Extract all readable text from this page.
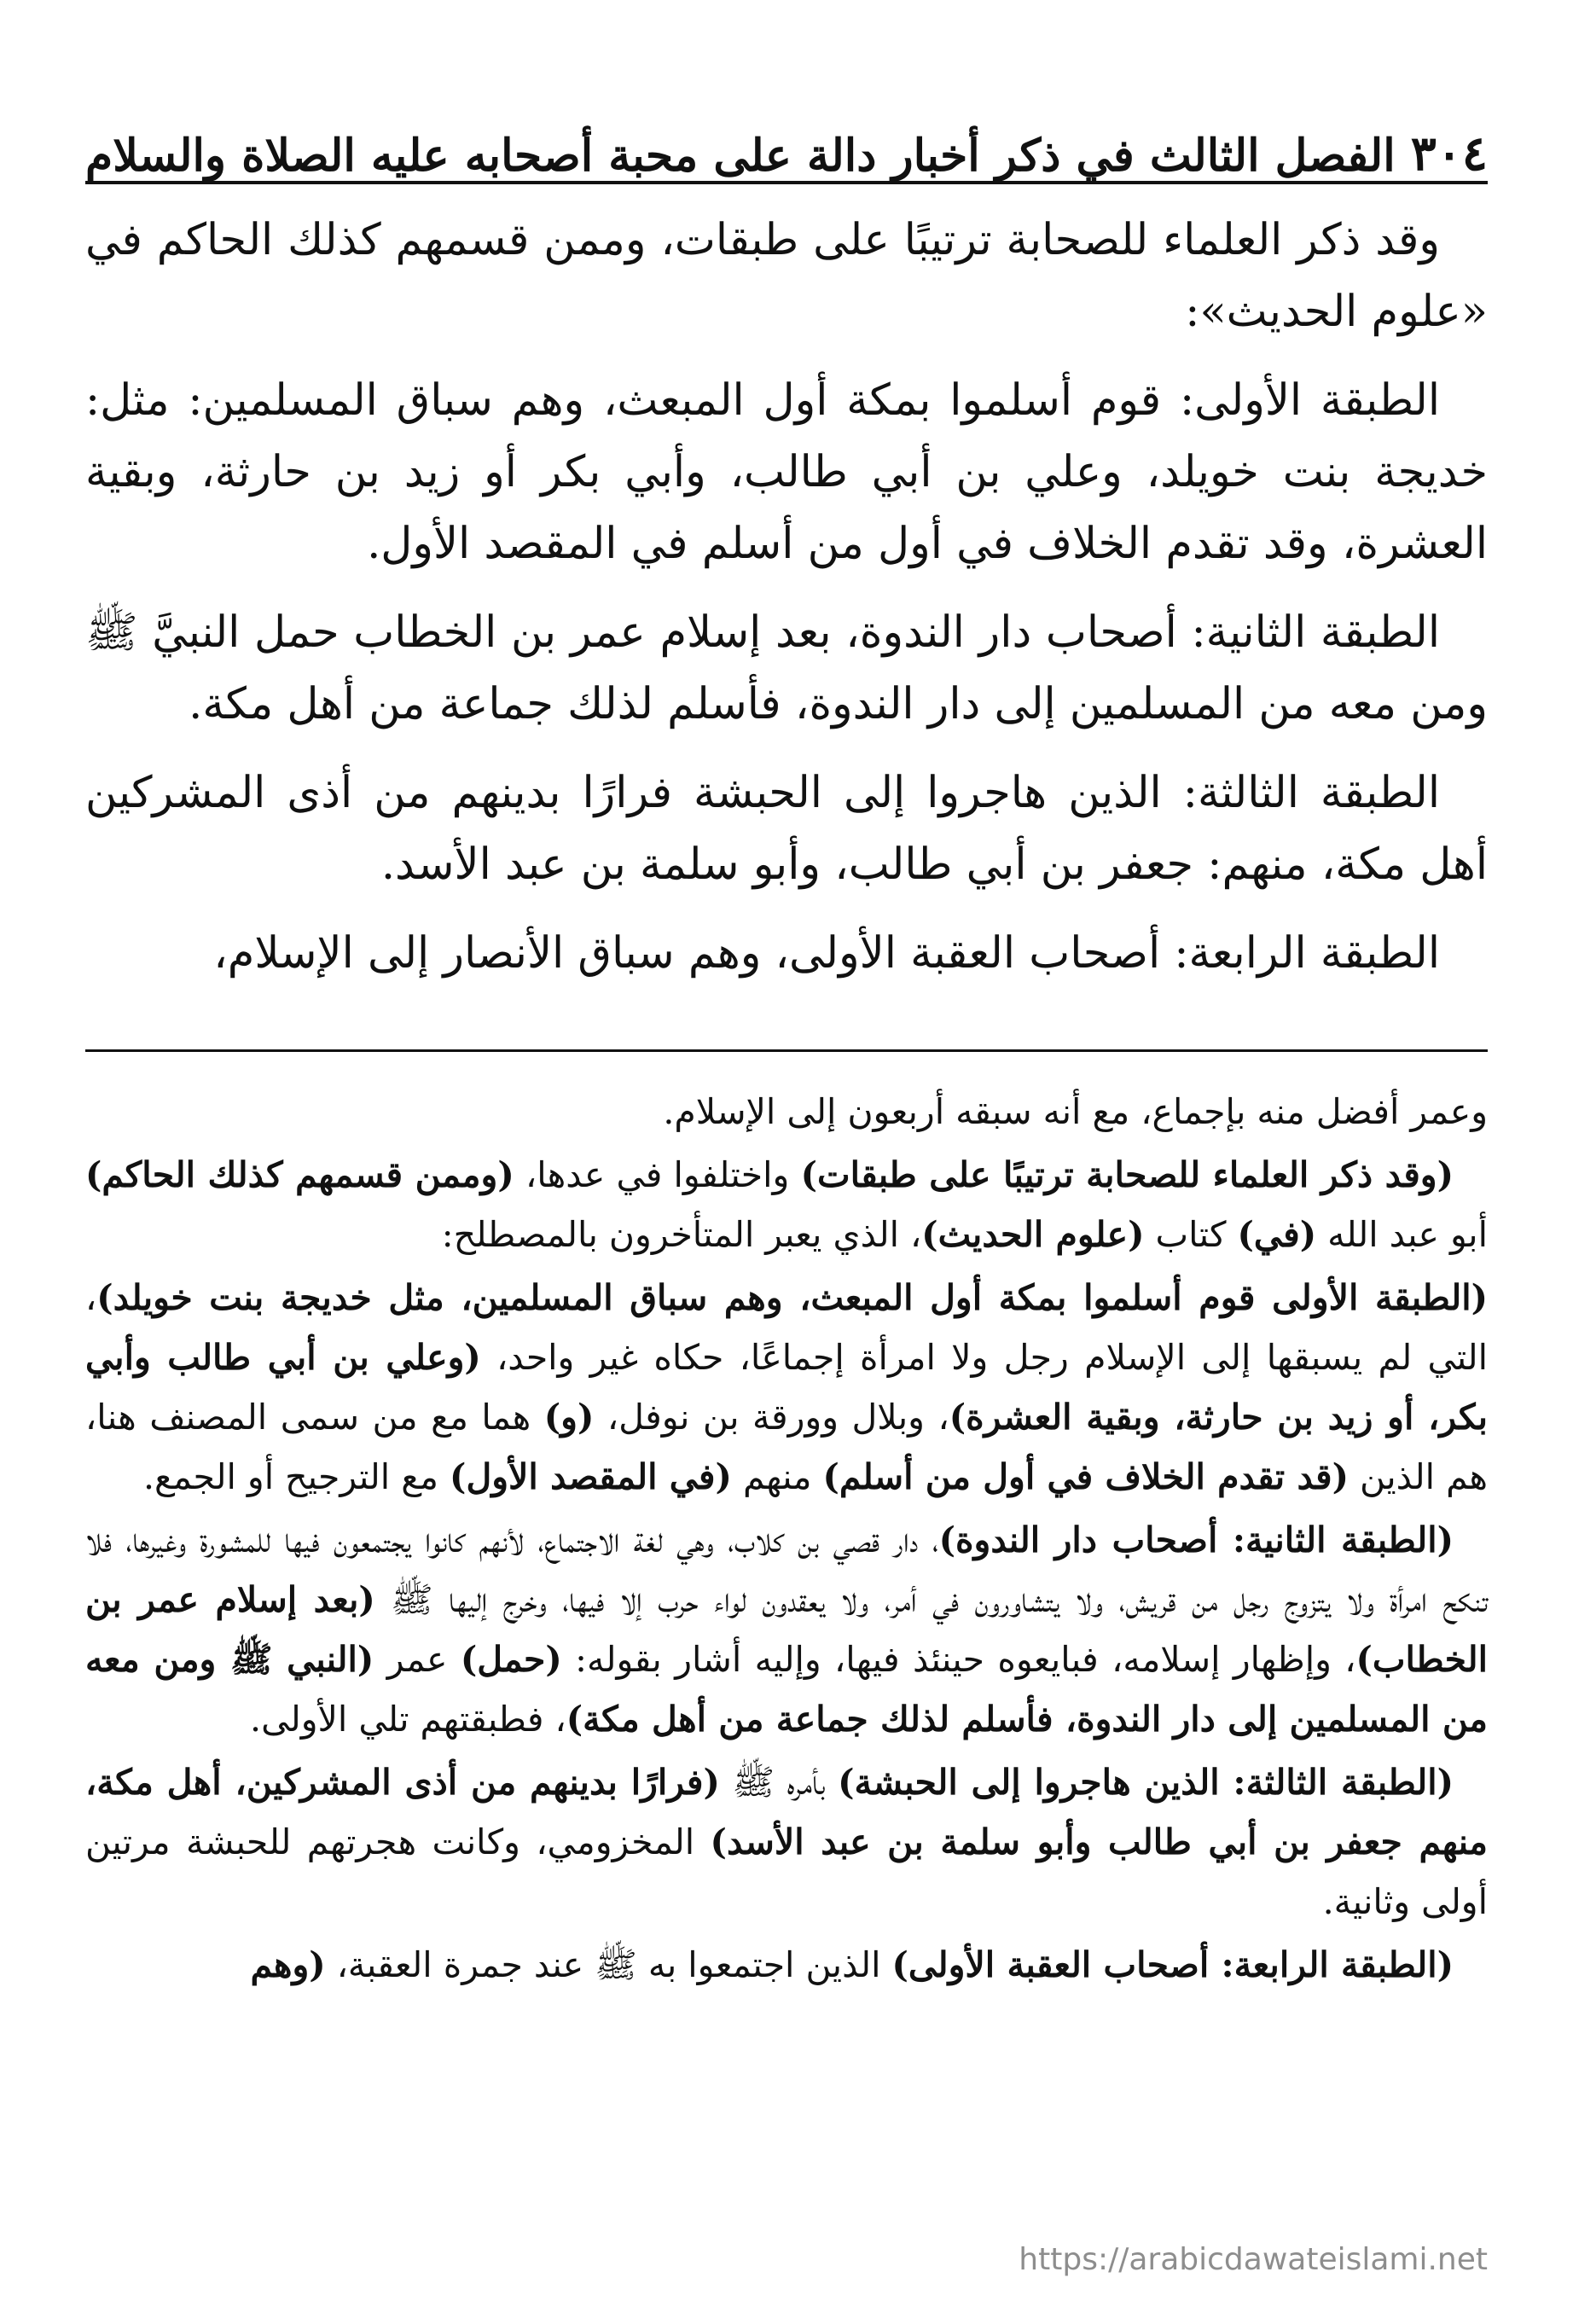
٣٠٤
الفصل الثالث في ذكر أخبار دالة على محبة أصحابه عليه الصلاة والسلام

وقد ذكر العلماء للصحابة ترتيبًا على طبقات، وممن قسمهم كذلك الحاكم في «علوم الحديث»:

الطبقة الأولى: قوم أسلموا بمكة أول المبعث، وهم سباق المسلمين: مثل: خديجة بنت خويلد، وعلي بن أبي طالب، وأبي بكر أو زيد بن حارثة، وبقية العشرة، وقد تقدم الخلاف في أول من أسلم في المقصد الأول.

الطبقة الثانية: أصحاب دار الندوة، بعد إسلام عمر بن الخطاب حمل النبيَّ ﷺ ومن معه من المسلمين إلى دار الندوة، فأسلم لذلك جماعة من أهل مكة.

الطبقة الثالثة: الذين هاجروا إلى الحبشة فرارًا بدينهم من أذى المشركين أهل مكة، منهم: جعفر بن أبي طالب، وأبو سلمة بن عبد الأسد.

الطبقة الرابعة: أصحاب العقبة الأولى، وهم سباق الأنصار إلى الإسلام،

وعمر أفضل منه بإجماع، مع أنه سبقه أربعون إلى الإسلام.

(وقد ذكر العلماء للصحابة ترتيبًا على طبقات) واختلفوا في عدها، (وممن قسمهم كذلك الحاكم) أبو عبد الله (في) كتاب (علوم الحديث)، الذي يعبر المتأخرون بالمصطلح:

(الطبقة الأولى قوم أسلموا بمكة أول المبعث، وهم سباق المسلمين، مثل خديجة بنت خويلد)، التي لم يسبقها إلى الإسلام رجل ولا امرأة إجماعًا، حكاه غير واحد، (وعلي بن أبي طالب وأبي بكر، أو زيد بن حارثة، وبقية العشرة)، وبلال وورقة بن نوفل، (و) هما مع من سمى المصنف هنا، هم الذين (قد تقدم الخلاف في أول من أسلم) منهم (في المقصد الأول) مع الترجيح أو الجمع.

(الطبقة الثانية: أصحاب دار الندوة)، دار قصي بن كلاب، وهي لغة الاجتماع، لأنهم كانوا يجتمعون فيها للمشورة وغيرها، فلا تنكح امرأة ولا يتزوج رجل من قريش، ولا يتشاورون في أمر، ولا يعقدون لواء حرب إلا فيها، وخرج إليها ﷺ (بعد إسلام عمر بن الخطاب)، وإظهار إسلامه، فبايعوه حينئذ فيها، وإليه أشار بقوله: (حمل) عمر (النبي ﷺ ومن معه من المسلمين إلى دار الندوة، فأسلم لذلك جماعة من أهل مكة)، فطبقتهم تلي الأولى.

(الطبقة الثالثة: الذين هاجروا إلى الحبشة) بأمره ﷺ (فرارًا بدينهم من أذى المشركين، أهل مكة، منهم جعفر بن أبي طالب وأبو سلمة بن عبد الأسد) المخزومي، وكانت هجرتهم للحبشة مرتين أولى وثانية.

(الطبقة الرابعة: أصحاب العقبة الأولى) الذين اجتمعوا به ﷺ عند جمرة العقبة، (وهم

https://arabicdawateislami.net
